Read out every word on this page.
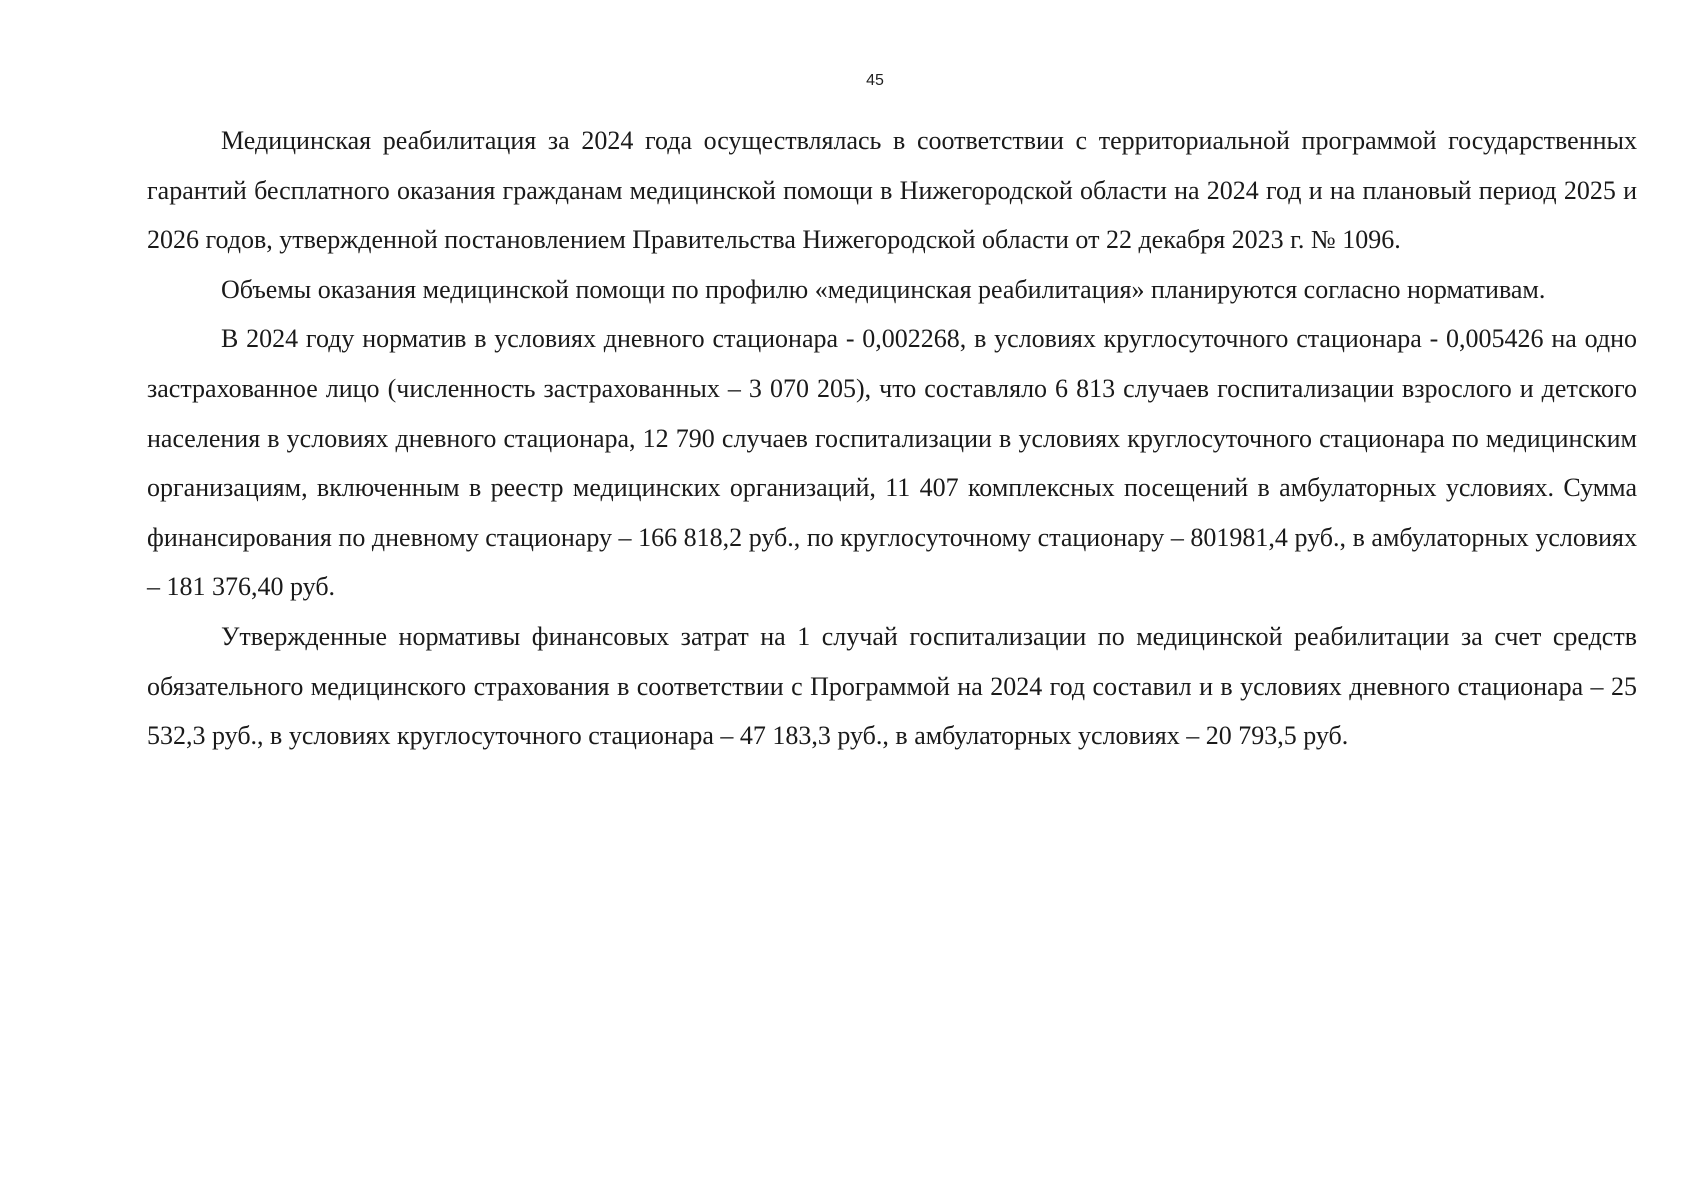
45

Медицинская реабилитация за 2024 года осуществлялась в соответствии с территориальной программой государственных гарантий бесплатного оказания гражданам медицинской помощи в Нижегородской области на 2024 год и на плановый период 2025 и 2026 годов, утвержденной постановлением Правительства Нижегородской области от 22 декабря 2023 г. № 1096.

Объемы оказания медицинской помощи по профилю «медицинская реабилитация» планируются согласно нормативам.

В 2024 году норматив в условиях дневного стационара - 0,002268, в условиях круглосуточного стационара - 0,005426 на одно застрахованное лицо (численность застрахованных – 3 070 205), что составляло 6 813 случаев госпитализации взрослого и детского населения в условиях дневного стационара, 12 790 случаев госпитализации в условиях круглосуточного стационара по медицинским организациям, включенным в реестр медицинских организаций, 11 407 комплексных посещений в амбулаторных условиях. Сумма финансирования по дневному стационару – 166 818,2 руб., по круглосуточному стационару – 801981,4 руб., в амбулаторных условиях – 181 376,40 руб.

Утвержденные нормативы финансовых затрат на 1 случай госпитализации по медицинской реабилитации за счет средств обязательного медицинского страхования в соответствии с Программой на 2024 год составил и в условиях дневного стационара – 25 532,3 руб., в условиях круглосуточного стационара – 47 183,3 руб., в амбулаторных условиях – 20 793,5 руб.
